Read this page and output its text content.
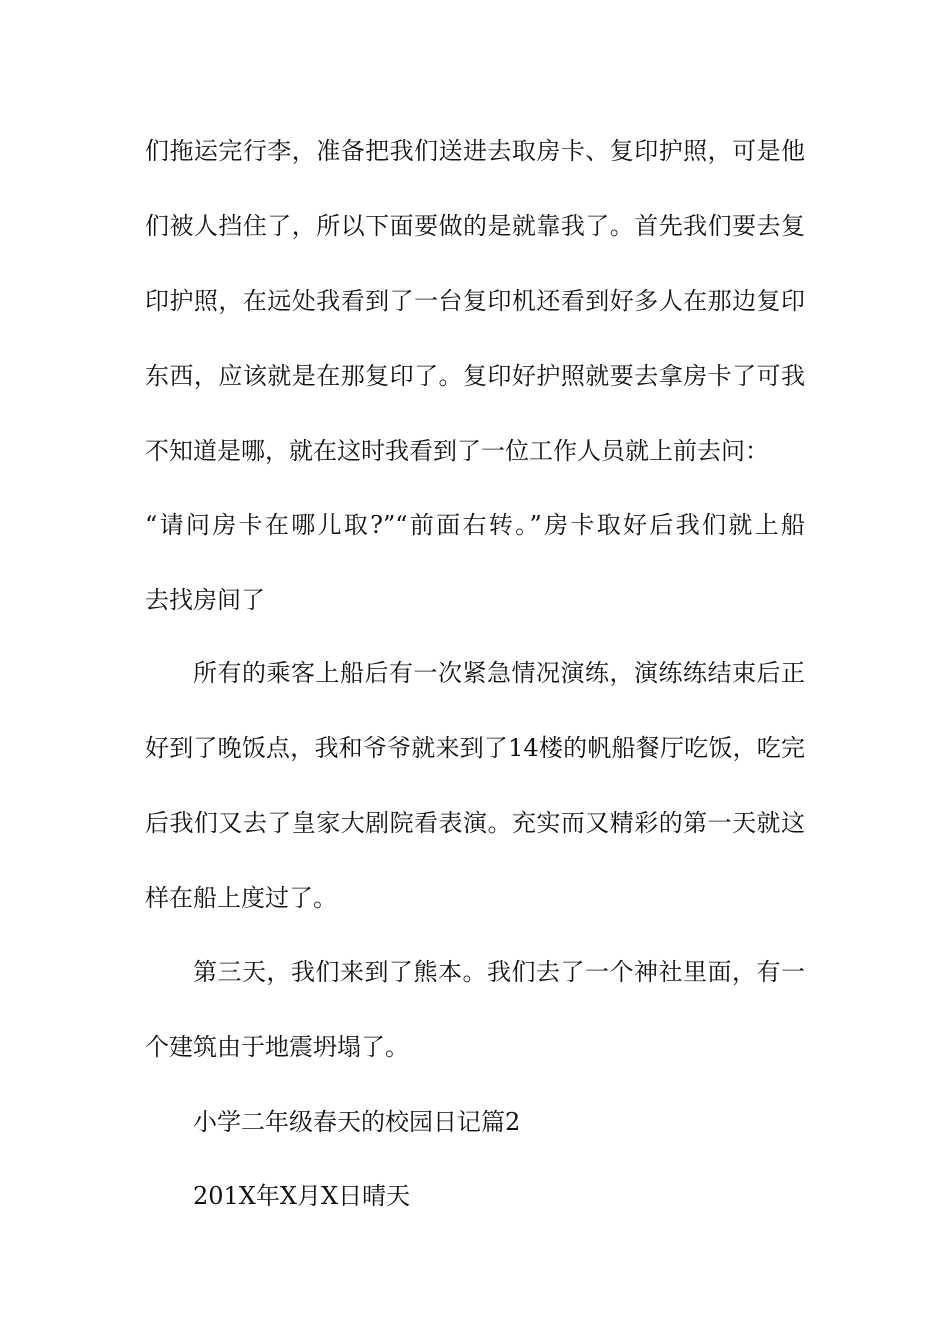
们拖运完行李，准备把我们送进去取房卡、复印护照，可是他
们被人挡住了，所以下面要做的是就靠我了。首先我们要去复
印护照，在远处我看到了一台复印机还看到好多人在那边复印
东西，应该就是在那复印了。复印好护照就要去拿房卡了可我
不知道是哪，就在这时我看到了一位工作人员就上前去问：
“请问房卡在哪儿取?”“前面右转。”房卡取好后我们就上船
去找房间了
所有的乘客上船后有一次紧急情况演练，演练练结束后正
好到了晚饭点，我和爷爷就来到了14楼的帆船餐厅吃饭，吃完
后我们又去了皇家大剧院看表演。充实而又精彩的第一天就这
样在船上度过了。
第三天，我们来到了熊本。我们去了一个神社里面，有一
个建筑由于地震坍塌了。
小学二年级春天的校园日记篇2
201X年X月X日晴天
